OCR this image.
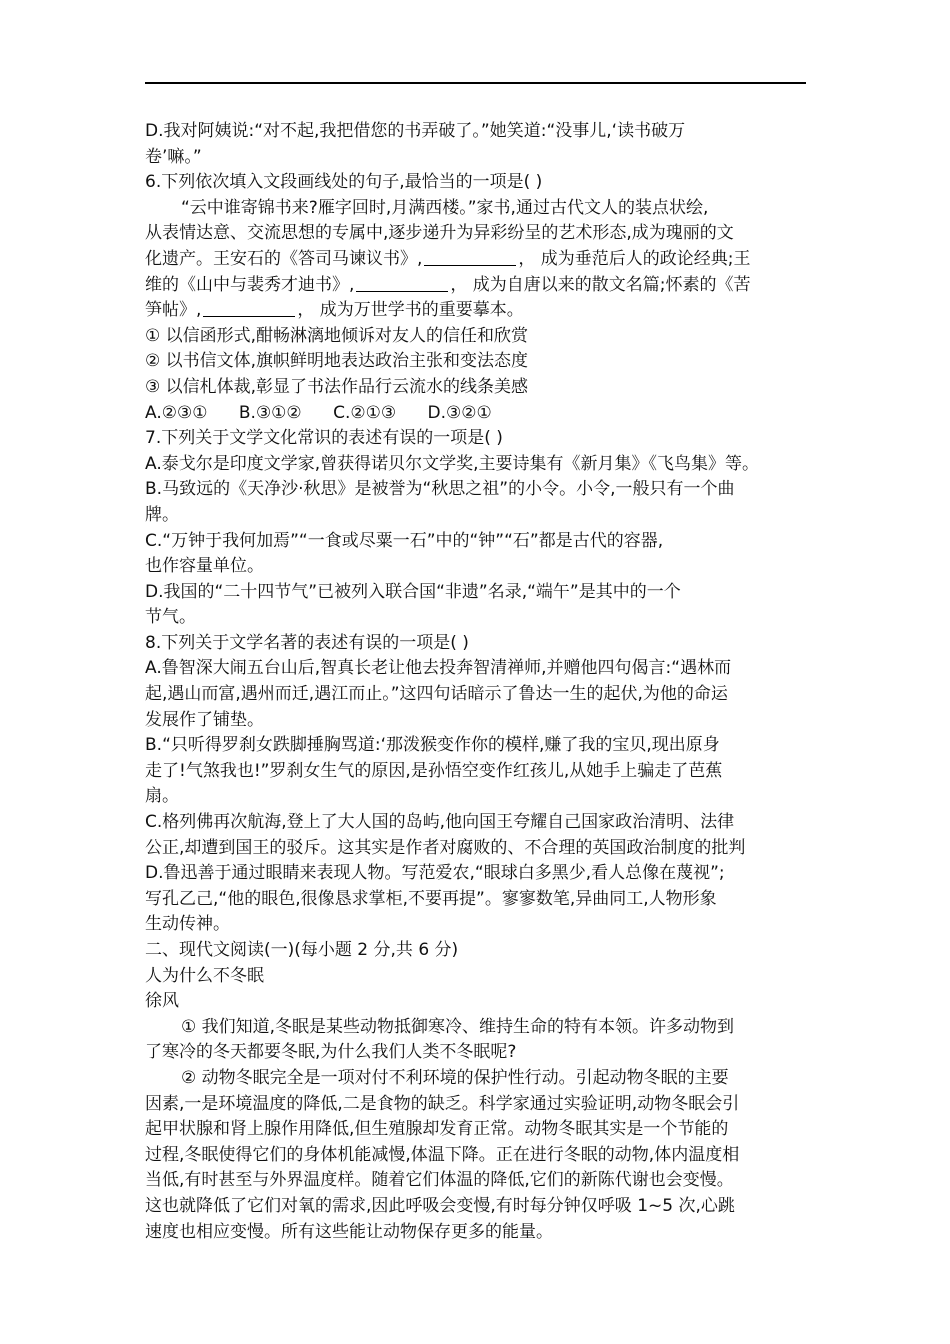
D.我对阿姨说:“对不起,我把借您的书弄破了。”她笑道:“没事儿,‘读书破万
卷’嘛。”
6.下列依次填入文段画线处的句子,最恰当的一项是( )
“云中谁寄锦书来?雁字回时,月满西楼。”家书,通过古代文人的装点状绘,
从表情达意、交流思想的专属中,逐步递升为异彩纷呈的艺术形态,成为瑰丽的文
化遗产。王安石的《答司马谏议书》,	， 成为垂范后人的政论经典;王
维的《山中与裴秀才迪书》,	， 成为自唐以来的散文名篇;怀素的《苦
笋帖》,	， 成为万世学书的重要摹本。
① 以信函形式,酣畅淋漓地倾诉对友人的信任和欣赏
② 以书信文体,旗帜鲜明地表达政治主张和变法态度
③ 以信札体裁,彰显了书法作品行云流水的线条美感
A.②③① B.③①② C.②①③ D.③②①
7.下列关于文学文化常识的表述有误的一项是( )
A.泰戈尔是印度文学家,曾获得诺贝尔文学奖,主要诗集有《新月集》《飞鸟集》等。
B.马致远的《天净沙·秋思》是被誉为“秋思之祖”的小令。小令,一般只有一个曲
牌。
C.“万钟于我何加焉”“一食或尽粟一石”中的“钟”“石”都是古代的容器,
也作容量单位。
D.我国的“二十四节气”已被列入联合国“非遗”名录,“端午”是其中的一个
节气。
8.下列关于文学名著的表述有误的一项是( )
A.鲁智深大闹五台山后,智真长老让他去投奔智清禅师,并赠他四句偈言:“遇林而
起,遇山而富,遇州而迁,遇江而止。”这四句话暗示了鲁达一生的起伏,为他的命运
发展作了铺垫。
B.“只听得罗刹女跌脚捶胸骂道:‘那泼猴变作你的模样,赚了我的宝贝,现出原身
走了!气煞我也!”罗刹女生气的原因,是孙悟空变作红孩儿,从她手上骗走了芭蕉
扇。
C.格列佛再次航海,登上了大人国的岛屿,他向国王夸耀自己国家政治清明、法律
公正,却遭到国王的驳斥。这其实是作者对腐败的、不合理的英国政治制度的批判
D.鲁迅善于通过眼睛来表现人物。写范爱农,“眼球白多黑少,看人总像在蔑视”;
写孔乙己,“他的眼色,很像恳求掌柜,不要再提”。寥寥数笔,异曲同工,人物形象
生动传神。
二、现代文阅读(一)(每小题 2 分,共 6 分)
人为什么不冬眠
徐风
① 我们知道,冬眠是某些动物抵御寒冷、维持生命的特有本领。许多动物到
了寒冷的冬天都要冬眠,为什么我们人类不冬眠呢?
② 动物冬眠完全是一项对付不利环境的保护性行动。引起动物冬眠的主要
因素,一是环境温度的降低,二是食物的缺乏。科学家通过实验证明,动物冬眠会引
起甲状腺和肾上腺作用降低,但生殖腺却发育正常。动物冬眠其实是一个节能的
过程,冬眠使得它们的身体机能减慢,体温下降。正在进行冬眠的动物,体内温度相
当低,有时甚至与外界温度样。随着它们体温的降低,它们的新陈代谢也会变慢。
这也就降低了它们对氧的需求,因此呼吸会变慢,有时每分钟仅呼吸 1~5 次,心跳
速度也相应变慢。所有这些能让动物保存更多的能量。
